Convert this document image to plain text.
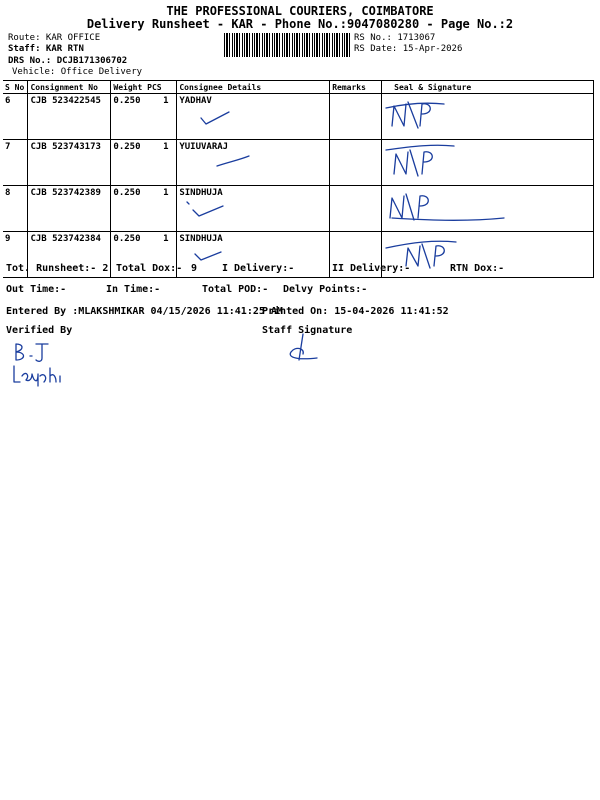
THE PROFESSIONAL COURIERS, COIMBATORE
Delivery Runsheet - KAR - Phone No.:9047080280 - Page No.:2
Route: KAR OFFICE
Staff: KAR RTN
DRS No.: DCJB171306702
Vehicle: Office Delivery
RS No.: 1713067
RS Date: 15-Apr-2026
S No	Consignment No	Weight PCS	Consignee Details	Remarks	Seal & Signature
6	CJB 523422545	0.250 1	YADHAV

7	CJB 523743173	0.250 1	YUIUVARAJ

8	CJB 523742389	0.250 1	SINDHUJA

9	CJB 523742384	0.250 1	SINDHUJA

Tot. Runsheet:- 2 Total Dox:- 9 I Delivery:-	II Delivery:-	RTN Dox:-
Out Time:-	In Time:-	Total POD:- Delvy Points:-
Entered By :MLAKSHMIKAR 04/15/2026 11:41:25 AM
Printed On: 15-04-2026 11:41:52
Verified By	Staff Signature
